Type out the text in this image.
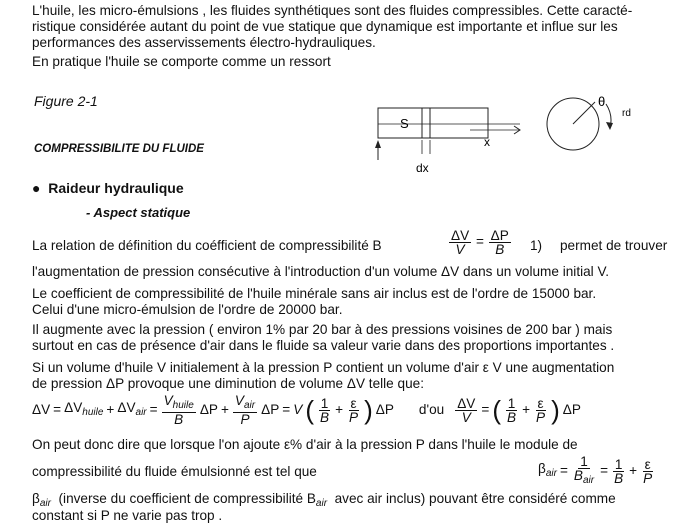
L'huile, les micro-émulsions , les fluides synthétiques sont des fluides compressibles. Cette caracté-
ristique considérée autant du point de vue statique que dynamique est importante et influe sur les
performances des asservissements électro-hydrauliques.
En pratique l'huile se comporte comme un ressort
Figure 2-1
S
x
dx
θ
rd
COMPRESSIBILITE DU FLUIDE
● Raideur hydraulique
- Aspect statique
La relation de définition du coéfficient de compressibilité B	$\frac{\Delta V}{V} = \frac{\Delta P}{B} 1$) permet de trouver
l'augmentation de pression consécutive à l'introduction d'un volume ΔV dans un volume initial V.
Le coefficient de compressibilité de l'huile minérale sans air inclus est de l'ordre de 15000 bar.
Celui d'une micro-émulsion de l'ordre de 20000 bar.
Il augmente avec la pression ( environ 1% par 20 bar à des pressions voisines de 200 bar ) mais
surtout en cas de présence d'air dans le fluide sa valeur varie dans des proportions importantes .
Si un volume d'huile V initialement à la pression P contient un volume d'air ε V une augmentation
de pression ΔP provoque une diminution de volume ΔV telle que:
$\Delta V = \Delta V_{huile} + \Delta V_{air} = \frac{V_{huile}}{B}$ $\Delta P + \frac{V_{air}}{P}$ ΔP = V ( $\frac{1}{B} + \frac{\varepsilon}{P}$ ) ΔP $d'ou \frac{\Delta V}{V}$ = ( $\frac{1}{B} + \frac{\varepsilon}{P}$ ) ΔP
On peut donc dire que lorsque l'on ajoute ε% d'air à la pression P dans l'huile le module de
compressibilité du fluide émulsionné est tel que	$\beta_{air} = \frac{1}{B_{air}} = \frac{1}{B} + \frac{\varepsilon}{P}$
$\beta_{air}$ (inverse du coefficient de compressibilité $B_{air}$ avec air inclus) pouvant être considéré comme
constant si P ne varie pas trop .
